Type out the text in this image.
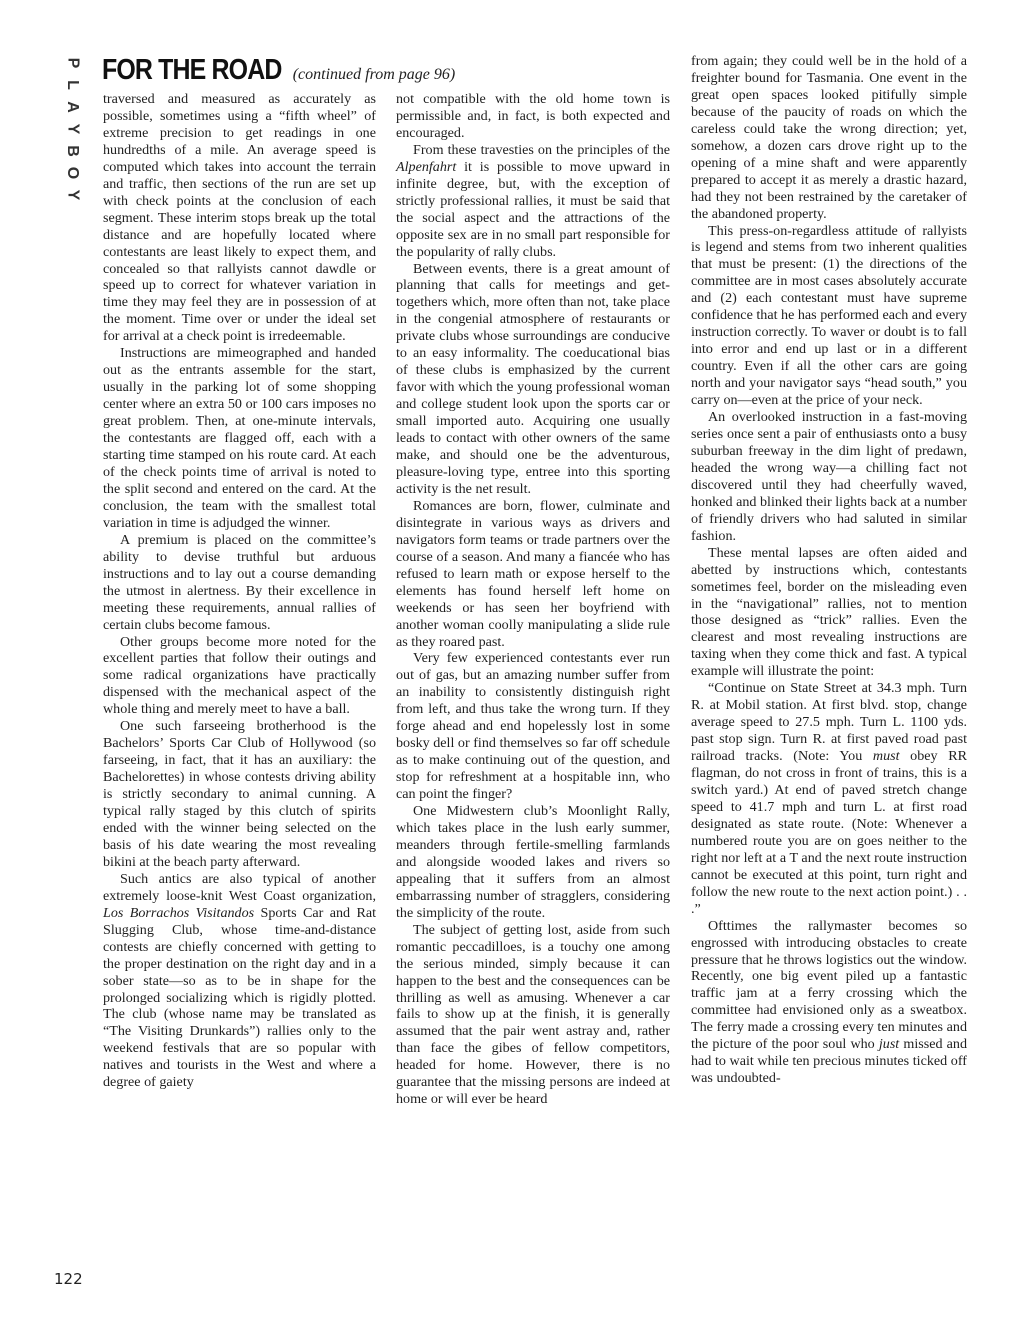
P
L
A
Y
B
O
Y
FOR THE ROAD (continued from page 96)

traversed and measured as accurately as possible, sometimes using a “fifth wheel” of extreme precision to get readings in one hundredths of a mile. An average speed is computed which takes into account the terrain and traffic, then sections of the run are set up with check points at the conclusion of each segment. These interim stops break up the total distance and are hopefully located where contestants are least likely to expect them, and concealed so that rallyists cannot dawdle or speed up to correct for whatever variation in time they may feel they are in possession of at the moment. Time over or under the ideal set for arrival at a check point is irredeemable.

Instructions are mimeographed and handed out as the entrants assemble for the start, usually in the parking lot of some shopping center where an extra 50 or 100 cars imposes no great problem. Then, at one-minute intervals, the contestants are flagged off, each with a starting time stamped on his route card. At each of the check points time of arrival is noted to the split second and entered on the card. At the conclusion, the team with the smallest total variation in time is adjudged the winner.

A premium is placed on the committee’s ability to devise truthful but arduous instructions and to lay out a course demanding the utmost in alertness. By their excellence in meeting these requirements, annual rallies of certain clubs become famous.

Other groups become more noted for the excellent parties that follow their outings and some radical organizations have practically dispensed with the mechanical aspect of the whole thing and merely meet to have a ball.

One such farseeing brotherhood is the Bachelors’ Sports Car Club of Hollywood (so farseeing, in fact, that it has an auxiliary: the Bachelorettes) in whose contests driving ability is strictly secondary to animal cunning. A typical rally staged by this clutch of spirits ended with the winner being selected on the basis of his date wearing the most revealing bikini at the beach party afterward.

Such antics are also typical of another extremely loose-knit West Coast organization, Los Borrachos Visitandos Sports Car and Rat Slugging Club, whose time-and-distance contests are chiefly concerned with getting to the proper destination on the right day and in a sober state—so as to be in shape for the prolonged socializing which is rigidly plotted. The club (whose name may be translated as “The Visiting Drunkards”) rallies only to the weekend festivals that are so popular with natives and tourists in the West and where a degree of gaiety

not compatible with the old home town is permissible and, in fact, is both expected and encouraged.

From these travesties on the principles of the Alpenfahrt it is possible to move upward in infinite degree, but, with the exception of strictly professional rallies, it must be said that the social aspect and the attractions of the opposite sex are in no small part responsible for the popularity of rally clubs.

Between events, there is a great amount of planning that calls for meetings and get-togethers which, more often than not, take place in the congenial atmosphere of restaurants or private clubs whose surroundings are conducive to an easy informality. The coeducational bias of these clubs is emphasized by the current favor with which the young professional woman and college student look upon the sports car or small imported auto. Acquiring one usually leads to contact with other owners of the same make, and should one be the adventurous, pleasure-loving type, entree into this sporting activity is the net result.

Romances are born, flower, culminate and disintegrate in various ways as drivers and navigators form teams or trade partners over the course of a season. And many a fiancée who has refused to learn math or expose herself to the elements has found herself left home on weekends or has seen her boyfriend with another woman coolly manipulating a slide rule as they roared past.

Very few experienced contestants ever run out of gas, but an amazing number suffer from an inability to consistently distinguish right from left, and thus take the wrong turn. If they forge ahead and end hopelessly lost in some bosky dell or find themselves so far off schedule as to make continuing out of the question, and stop for refreshment at a hospitable inn, who can point the finger?

One Midwestern club’s Moonlight Rally, which takes place in the lush early summer, meanders through fertile-smelling farmlands and alongside wooded lakes and rivers so appealing that it suffers from an almost embarrassing number of stragglers, considering the simplicity of the route.

The subject of getting lost, aside from such romantic peccadilloes, is a touchy one among the serious minded, simply because it can happen to the best and the consequences can be thrilling as well as amusing. Whenever a car fails to show up at the finish, it is generally assumed that the pair went astray and, rather than face the gibes of fellow competitors, headed for home. However, there is no guarantee that the missing persons are indeed at home or will ever be heard

from again; they could well be in the hold of a freighter bound for Tasmania. One event in the great open spaces looked pitifully simple because of the paucity of roads on which the careless could take the wrong direction; yet, somehow, a dozen cars drove right up to the opening of a mine shaft and were apparently prepared to accept it as merely a drastic hazard, had they not been restrained by the caretaker of the abandoned property.

This press-on-regardless attitude of rallyists is legend and stems from two inherent qualities that must be present: (1) the directions of the committee are in most cases absolutely accurate and (2) each contestant must have supreme confidence that he has performed each and every instruction correctly. To waver or doubt is to fall into error and end up last or in a different country. Even if all the other cars are going north and your navigator says “head south,” you carry on—even at the price of your neck.

An overlooked instruction in a fast-moving series once sent a pair of enthusiasts onto a busy suburban freeway in the dim light of predawn, headed the wrong way—a chilling fact not discovered until they had cheerfully waved, honked and blinked their lights back at a number of friendly drivers who had saluted in similar fashion.

These mental lapses are often aided and abetted by instructions which, contestants sometimes feel, border on the misleading even in the “navigational” rallies, not to mention those designed as “trick” rallies. Even the clearest and most revealing instructions are taxing when they come thick and fast. A typical example will illustrate the point:

“Continue on State Street at 34.3 mph. Turn R. at Mobil station. At first blvd. stop, change average speed to 27.5 mph. Turn L. 1100 yds. past stop sign. Turn R. at first paved road past railroad tracks. (Note: You must obey RR flagman, do not cross in front of trains, this is a switch yard.) At end of paved stretch change speed to 41.7 mph and turn L. at first road designated as state route. (Note: Whenever a numbered route you are on goes neither to the right nor left at a T and the next route instruction cannot be executed at this point, turn right and follow the new route to the next action point.) . . .”

Ofttimes the rallymaster becomes so engrossed with introducing obstacles to create pressure that he throws logistics out the window. Recently, one big event piled up a fantastic traffic jam at a ferry crossing which the committee had envisioned only as a sweatbox. The ferry made a crossing every ten minutes and the picture of the poor soul who just missed and had to wait while ten precious minutes ticked off was undoubted-

122
